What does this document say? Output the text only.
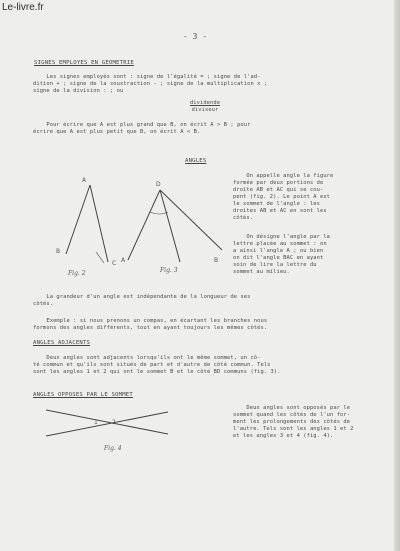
Le-livre.fr
- 3 -
SIGNES EMPLOYES EN GEOMETRIE
Les signes employés sont : signe de l'égalité = ; signe de l'ad-
dition + ; signe de la soustraction - ; signe de la multiplication x ;
signe de la division : ; ou
dividende
diviseur
Pour écrire que A est plus grand que B, on écrit A > B ; pour
écrire que A est plus petit que B, on écrit A < B.
ANGLES
On appelle angle la figure
formée par deux portions de
droite AB et AC qui se cou-
pent (fig. 2). Le point A est
le sommet de l'angle : les
droites AB et AC en sont les
côtés.
On désigne l'angle par la
lettre placée au sommet : on
a ainsi l'angle A ; ou bien
on dit l'angle BAC en ayant
soin de lire la lettre du
sommet au milieu.
La grandeur d'un angle est indépendante de la longueur de ses
côtés.
Exemple : si nous prenons un compas, en écartant les branches nous
formons des angles différents, tout en ayant toujours les mêmes côtés.
ANGLES ADJACENTS
Deux angles sont adjacents lorsqu'ils ont le même sommet, un cô-
té commun et qu'ils sont situés de part et d'autre de côté commun. Tels
sont les angles 1 et 2 qui ont le sommet B et le côté BD communs (fig. 3).
ANGLES OPPOSES PAR LE SOMMET
Deux angles sont opposés par le
sommet quand les côtés de l'un for-
ment les prolongements des côtés de
l'autre. Tels sont les angles 1 et 2
et les angles 3 et 4 (fig. 4).
A
B
C
Fig. 2
D
A	B
Fig. 3
1 2
Fig. 4
